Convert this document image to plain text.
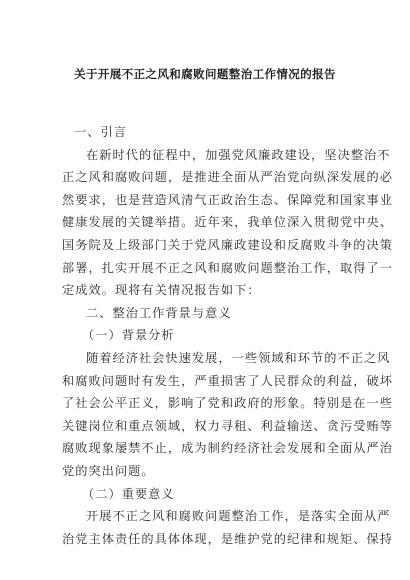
关于开展不正之风和腐败问题整治工作情况的报告
一、引言
在新时代的征程中，加强党风廉政建设，坚决整治不
正之风和腐败问题，是推进全面从严治党向纵深发展的必
然要求，也是营造风清气正政治生态、保障党和国家事业
健康发展的关键举措。近年来，我单位深入贯彻党中央、
国务院及上级部门关于党风廉政建设和反腐败斗争的决策
部署，扎实开展不正之风和腐败问题整治工作，取得了一
定成效。现将有关情况报告如下：
二、整治工作背景与意义
（一）背景分析
随着经济社会快速发展，一些领域和环节的不正之风
和腐败问题时有发生，严重损害了人民群众的利益，破坏
了社会公平正义，影响了党和政府的形象。特别是在一些
关键岗位和重点领域，权力寻租、利益输送、贪污受贿等
腐败现象屡禁不止，成为制约经济社会发展和全面从严治
党的突出问题。
（二）重要意义
开展不正之风和腐败问题整治工作，是落实全面从严
治党主体责任的具体体现，是维护党的纪律和规矩、保持
